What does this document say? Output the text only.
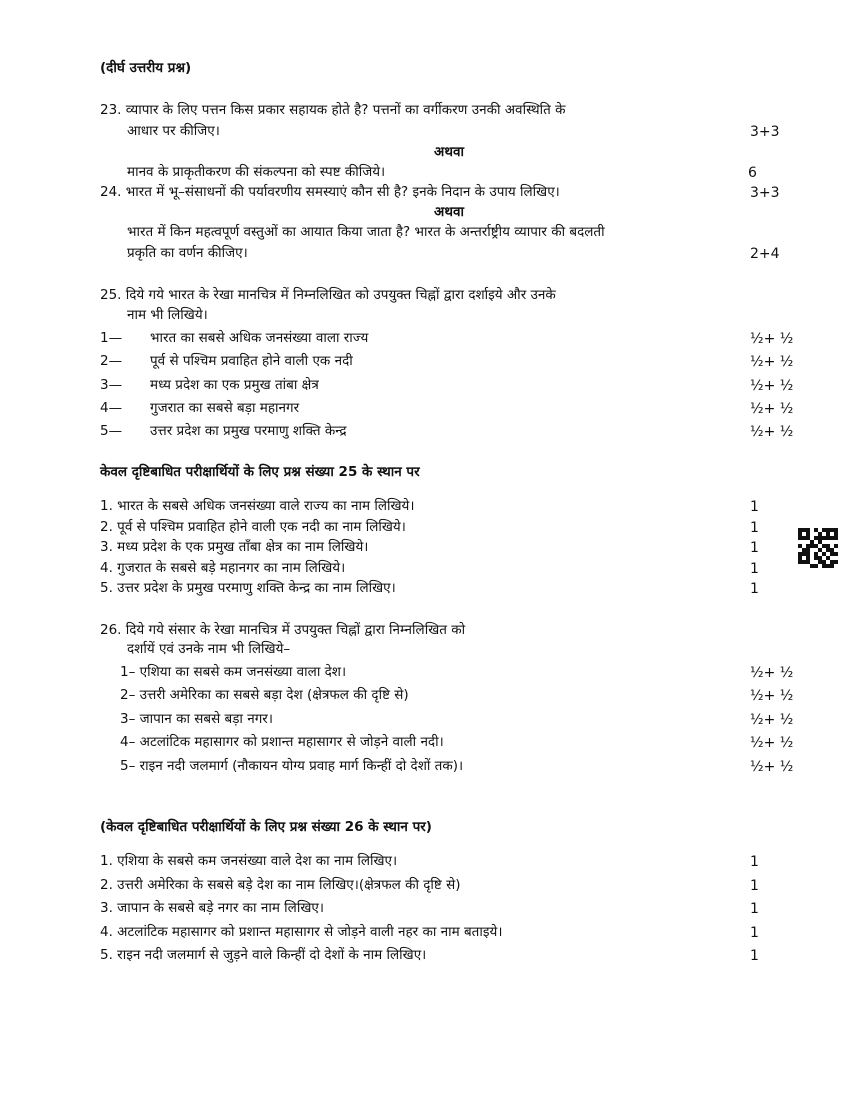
(दीर्घ उत्तरीय प्रश्न)
23. व्यापार के लिए पत्तन किस प्रकार सहायक होते है? पत्तनों का वर्गीकरण उनकी अवस्थिति के
आधार पर कीजिए।	3+3
अथवा
मानव के प्राकृतीकरण की संकल्पना को स्पष्ट कीजिये।	6
24. भारत में भू–संसाधनों की पर्यावरणीय समस्याएं कौन सी है? इनके निदान के उपाय लिखिए।	3+3
अथवा
भारत में किन महत्वपूर्ण वस्तुओं का आयात किया जाता है? भारत के अन्तर्राष्ट्रीय व्यापार की बदलती
प्रकृति का वर्णन कीजिए।	2+4
25. दिये गये भारत के रेखा मानचित्र में निम्नलिखित को उपयुक्त चिह्नों द्वारा दर्शाइये और उनके
नाम भी लिखिये।
1— भारत का सबसे अधिक जनसंख्या वाला राज्य	½+ ½
2— पूर्व से पश्चिम प्रवाहित होने वाली एक नदी	½+ ½
3— मध्य प्रदेश का एक प्रमुख तांबा क्षेत्र	½+ ½
4— गुजरात का सबसे बड़ा महानगर	½+ ½
5— उत्तर प्रदेश का प्रमुख परमाणु शक्ति केन्द्र	½+ ½
केवल दृष्टिबाधित परीक्षार्थियों के लिए प्रश्न संख्या 25 के स्थान पर
1. भारत के सबसे अधिक जनसंख्या वाले राज्य का नाम लिखिये।	1
2. पूर्व से पश्चिम प्रवाहित होने वाली एक नदी का नाम लिखिये।	1
3. मध्य प्रदेश के एक प्रमुख ताँबा क्षेत्र का नाम लिखिये।	1
4. गुजरात के सबसे बड़े महानगर का नाम लिखिये।	1
5. उत्तर प्रदेश के प्रमुख परमाणु शक्ति केन्द्र का नाम लिखिए।	1
26. दिये गये संसार के रेखा मानचित्र में उपयुक्त चिह्नों द्वारा निम्नलिखित को
दर्शायें एवं उनके नाम भी लिखिये–
1– एशिया का सबसे कम जनसंख्या वाला देश।	½+ ½
2– उत्तरी अमेरिका का सबसे बड़ा देश (क्षेत्रफल की दृष्टि से)	½+ ½
3– जापान का सबसे बड़ा नगर।	½+ ½
4– अटलांटिक महासागर को प्रशान्त महासागर से जोड़ने वाली नदी।	½+ ½
5– राइन नदी जलमार्ग (नौकायन योग्य प्रवाह मार्ग किन्हीं दो देशों तक)।	½+ ½
(केवल दृष्टिबाधित परीक्षार्थियों के लिए प्रश्न संख्या 26 के स्थान पर)
1. एशिया के सबसे कम जनसंख्या वाले देश का नाम लिखिए।	1
2. उत्तरी अमेरिका के सबसे बड़े देश का नाम लिखिए।(क्षेत्रफल की दृष्टि से)	1
3. जापान के सबसे बड़े नगर का नाम लिखिए।	1
4. अटलांटिक महासागर को प्रशान्त महासागर से जोड़ने वाली नहर का नाम बताइये।	1
5. राइन नदी जलमार्ग से जुड़ने वाले किन्हीं दो देशों के नाम लिखिए।	1
